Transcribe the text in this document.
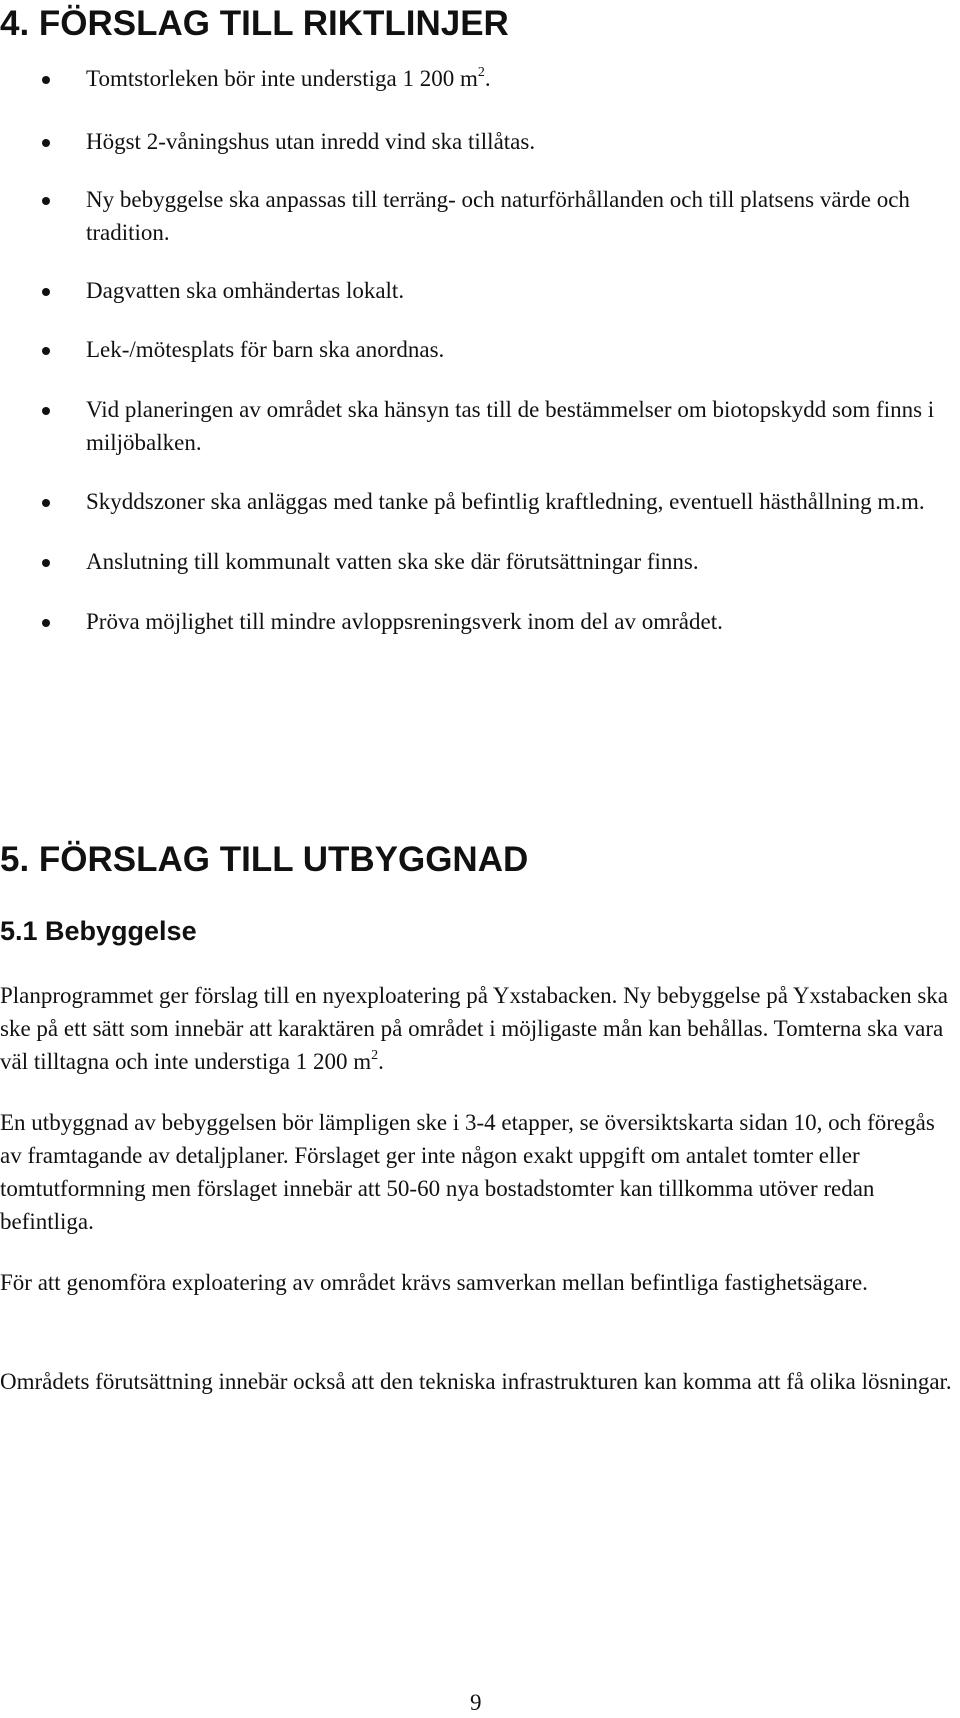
4. FÖRSLAG TILL RIKTLINJER
Tomtstorleken bör inte understiga 1 200 $m^2$.
Högst 2-våningshus utan inredd vind ska tillåtas.
Ny bebyggelse ska anpassas till terräng- och naturförhållanden och till platsens värde och tradition.
Dagvatten ska omhändertas lokalt.
Lek-/mötesplats för barn ska anordnas.
Vid planeringen av området ska hänsyn tas till de bestämmelser om biotopskydd som finns i miljöbalken.
Skyddszoner ska anläggas med tanke på befintlig kraftledning, eventuell hästhållning m.m.
Anslutning till kommunalt vatten ska ske där förutsättningar finns.
Pröva möjlighet till mindre avloppsreningsverk inom del av området.
5. FÖRSLAG TILL UTBYGGNAD
5.1 Bebyggelse

Planprogrammet ger förslag till en nyexploatering på Yxstabacken. Ny bebyggelse på Yxstabacken ska ske på ett sätt som innebär att karaktären på området i möjligaste mån kan behållas. Tomterna ska vara väl tilltagna och inte understiga 1 200 $m^2$.

En utbyggnad av bebyggelsen bör lämpligen ske i 3-4 etapper, se översiktskarta sidan 10, och föregås av framtagande av detaljplaner. Förslaget ger inte någon exakt uppgift om antalet tomter eller tomtutformning men förslaget innebär att 50-60 nya bostadstomter kan tillkomma utöver redan befintliga.

För att genomföra exploatering av området krävs samverkan mellan befintliga fastighetsägare.

Områdets förutsättning innebär också att den tekniska infrastrukturen kan komma att få olika lösningar.

9
